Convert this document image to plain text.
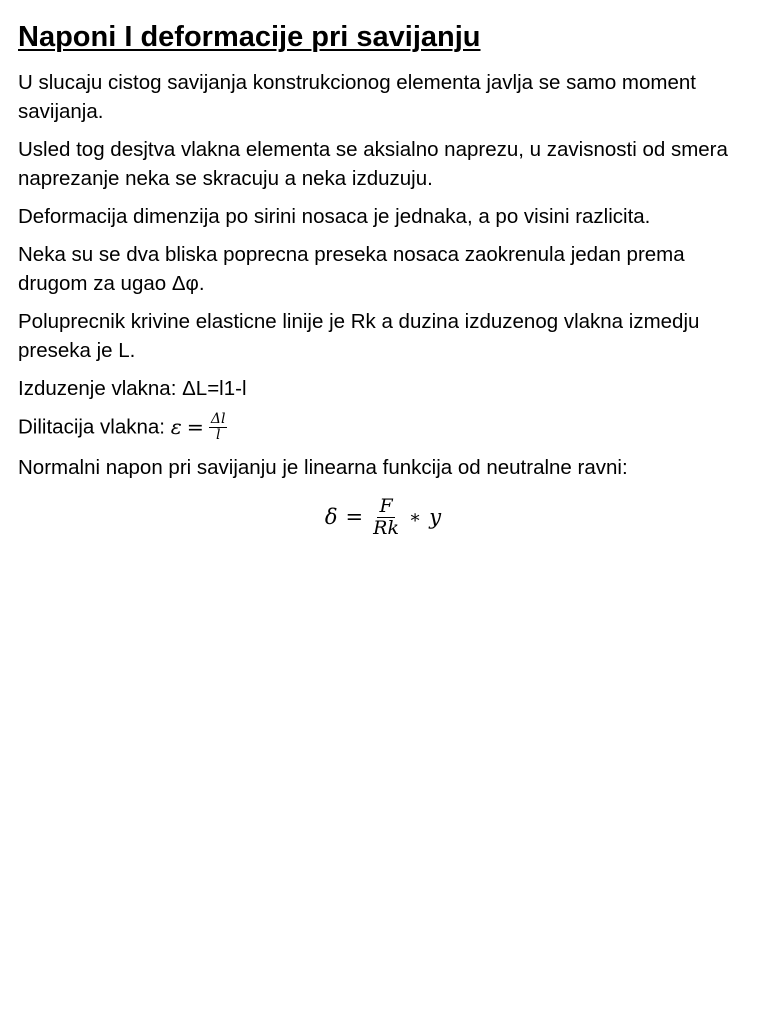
Naponi I deformacije pri savijanju

U slucaju cistog savijanja konstrukcionog elementa javlja se samo moment savijanja.

Usled tog desjtva vlakna elementa se aksialno naprezu, u zavisnosti od smera naprezanje neka se skracuju a neka izduzuju.

Deformacija dimenzija po sirini nosaca je jednaka, a po visini razlicita.

Neka su se dva bliska poprecna preseka nosaca zaokrenula jedan prema drugom za ugao Δφ.

Poluprecnik krivine elasticne linije je Rk a duzina izduzenog vlakna izmedju preseka je L.

Izduzenje vlakna: ΔL=l1-l

Dilitacija vlakna: $\varepsilon = \frac{\Delta l}{l}$

Normalni napon pri savijanju je linearna funkcija od neutralne ravni:

$\delta = \frac{F}{Rk}$ ∗ y
